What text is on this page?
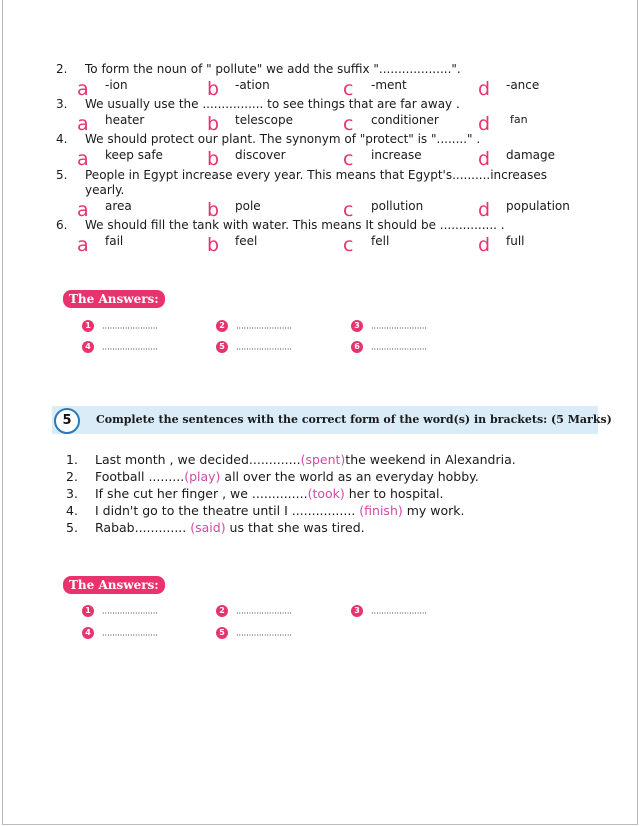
2. To form the noun of " pollute" we add the suffix "...................".
a -ion	b -ation	c -ment	d -ance
3. We usually use the ................ to see things that are far away .
a heater	b telescope	c conditioner d fan
4. We should protect our plant. The synonym of "protect" is "........" .
a keep safe b discover	c increase	d damage
5. People in Egypt increase every year. This means that Egypt's..........increases
yearly.
a area	b pole	c pollution	d population
6. We should fill the tank with water. This means It should be ............... .
a fail	b feel	c fell	d full
The Answers:
1 ......................	2 ......................	3 ......................
4 ......................	5 ......................	6 ......................
5	Complete the sentences with the correct form of the word(s) in brackets: (5 Marks)
1. Last month , we decided.............(spent)the weekend in Alexandria.
2. Football .........(play) all over the world as an everyday hobby.
3. If she cut her finger , we ..............(took) her to hospital.
4. I didn't go to the theatre until I ................ (finish) my work.
5. Rabab............. (said) us that she was tired.
The Answers:
1 ......................	2 ......................	3 ......................
4 ......................	5 ......................
